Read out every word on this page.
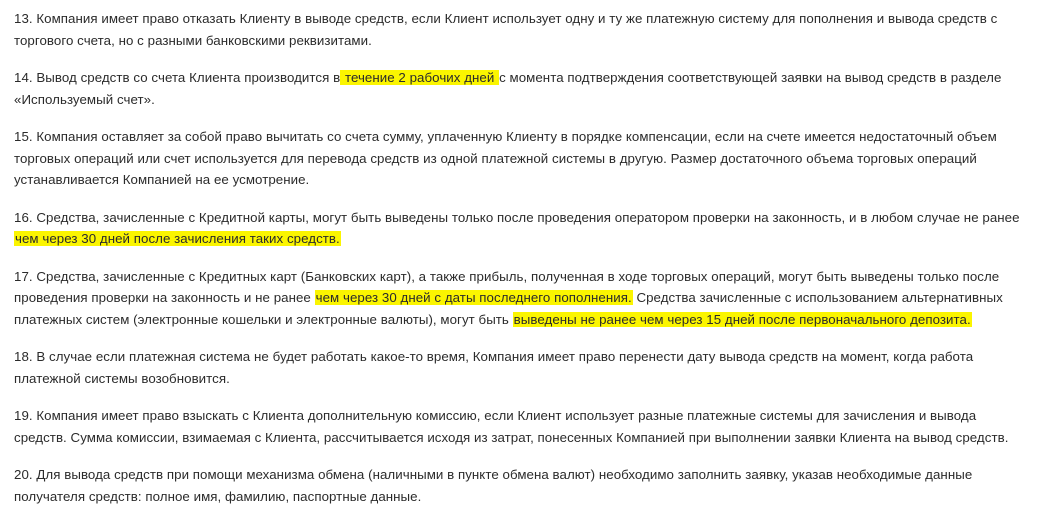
13. Компания имеет право отказать Клиенту в выводе средств, если Клиент использует одну и ту же платежную систему для пополнения и вывода средств с торгового счета, но с разными банковскими реквизитами.

14. Вывод средств со счета Клиента производится в течение 2 рабочих дней с момента подтверждения соответствующей заявки на вывод средств в разделе «Используемый счет».

15. Компания оставляет за собой право вычитать со счета сумму, уплаченную Клиенту в порядке компенсации, если на счете имеется недостаточный объем торговых операций или счет используется для перевода средств из одной платежной системы в другую. Размер достаточного объема торговых операций устанавливается Компанией на ее усмотрение.

16. Средства, зачисленные с Кредитной карты, могут быть выведены только после проведения оператором проверки на законность, и в любом случае не ранее чем через 30 дней после зачисления таких средств.

17. Средства, зачисленные с Кредитных карт (Банковских карт), а также прибыль, полученная в ходе торговых операций, могут быть выведены только после проведения проверки на законность и не ранее чем через 30 дней с даты последнего пополнения. Средства зачисленные с использованием альтернативных платежных систем (электронные кошельки и электронные валюты), могут быть выведены не ранее чем через 15 дней после первоначального депозита.

18. В случае если платежная система не будет работать какое-то время, Компания имеет право перенести дату вывода средств на момент, когда работа платежной системы возобновится.

19. Компания имеет право взыскать с Клиента дополнительную комиссию, если Клиент использует разные платежные системы для зачисления и вывода средств. Сумма комиссии, взимаемая с Клиента, рассчитывается исходя из затрат, понесенных Компанией при выполнении заявки Клиента на вывод средств.

20. Для вывода средств при помощи механизма обмена (наличными в пункте обмена валют) необходимо заполнить заявку, указав необходимые данные получателя средств: полное имя, фамилию, паспортные данные.
